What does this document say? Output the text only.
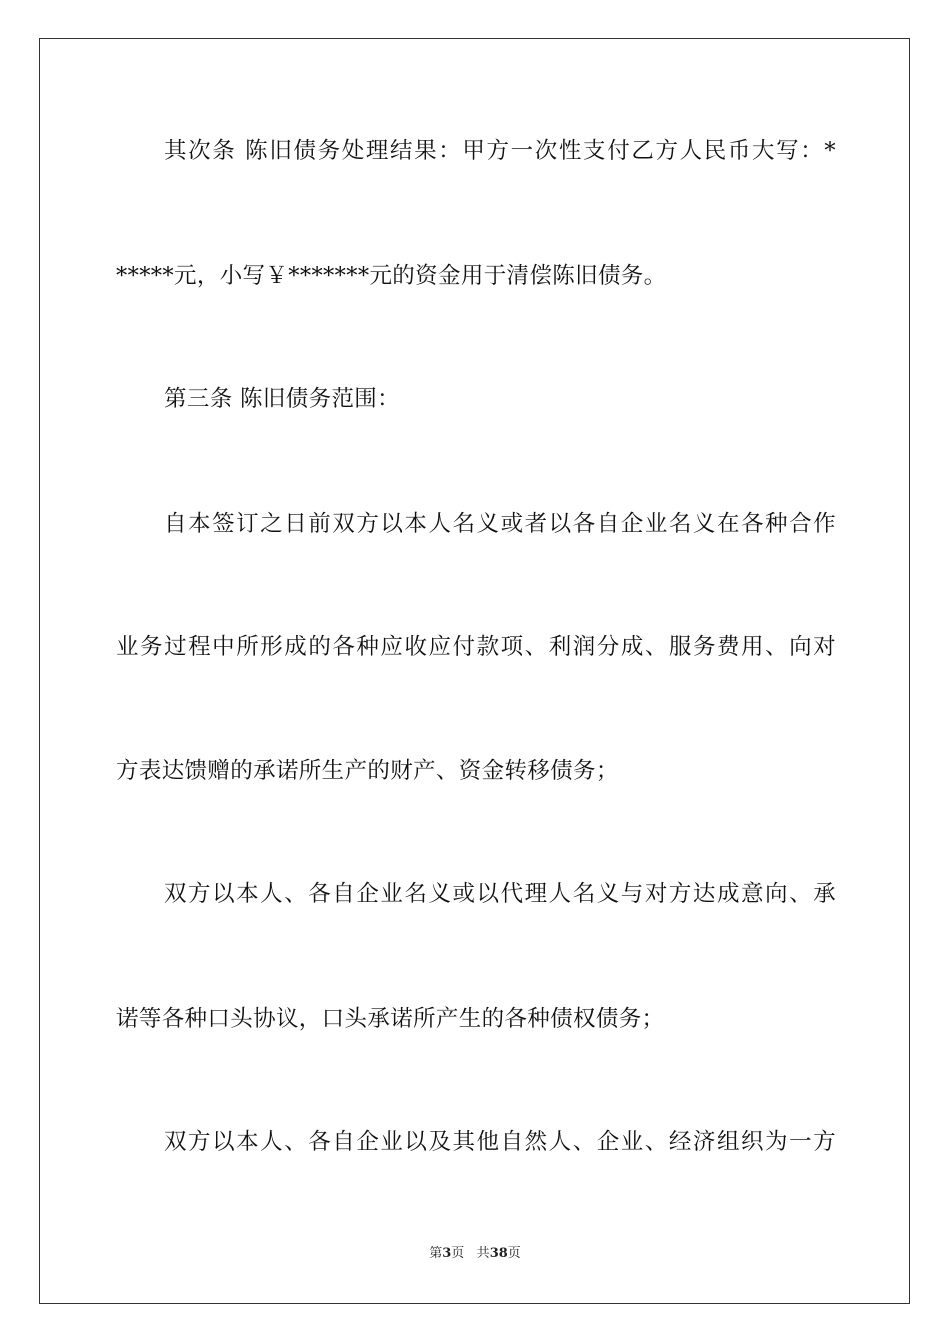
其次条 陈旧债务处理结果：甲方一次性支付乙方人民币大写：*
*****元，小写￥*******元的资金用于清偿陈旧债务。
第三条 陈旧债务范围：
自本签订之日前双方以本人名义或者以各自企业名义在各种合作
业务过程中所形成的各种应收应付款项、利润分成、服务费用、向对
方表达馈赠的承诺所生产的财产、资金转移债务；
双方以本人、各自企业名义或以代理人名义与对方达成意向、承
诺等各种口头协议，口头承诺所产生的各种债权债务；
双方以本人、各自企业以及其他自然人、企业、经济组织为一方
第3页 共38页
